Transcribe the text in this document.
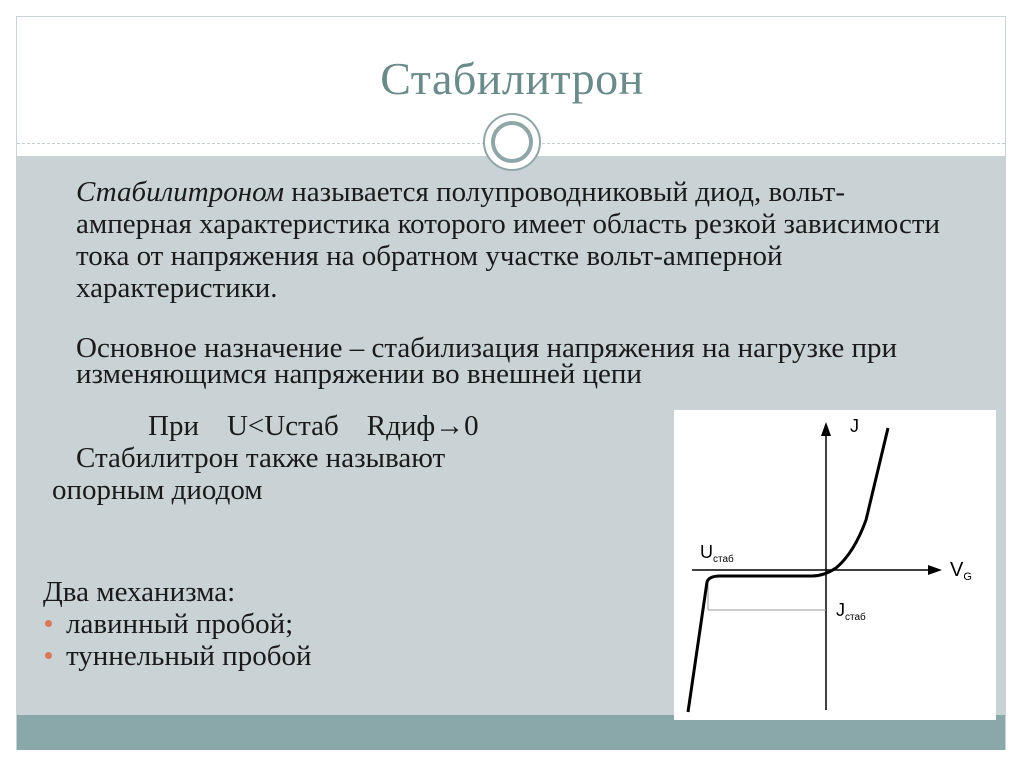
Стабилитрон
Стабилитроном называется полупроводниковый диод, вольт-амперная характеристика которого имеет область резкой зависимости тока от напряжения на обратном участке вольт-амперной характеристики.
Основное назначение – стабилизация напряжения на нагрузке при изменяющимся напряжении во внешней цепи
При U<Uстаб Rдиф→0
Стабилитрон также называют
опорным диодом
Два механизма:
лавинный пробой;
туннельный пробой
J
$V_G$
$U_{стаб}$
$J_{стаб}$
